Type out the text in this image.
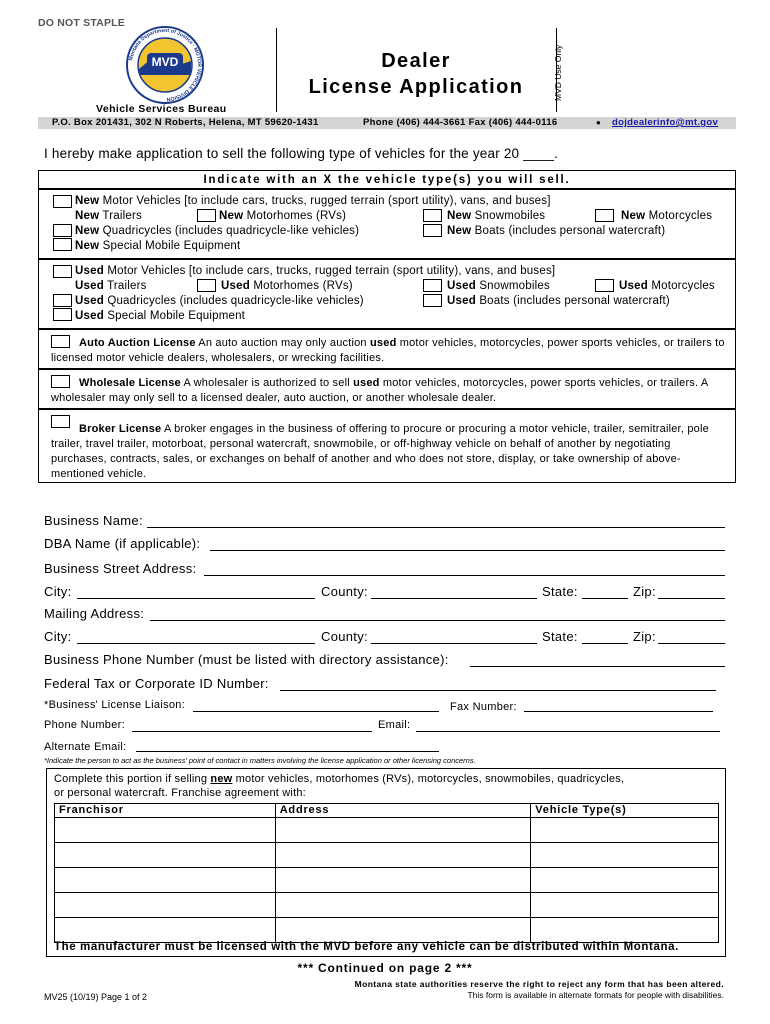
DO NOT STAPLE
MVD
Montana Department of Justice · MOTOR VEHICLE DIVISION
Dealer
License Application	MVD Use Only
Vehicle Services Bureau
P.O. Box 201431, 302 N Roberts, Helena, MT 59620-1431	Phone (406) 444-3661 Fax (406) 444-0116	● dojdealerinfo@mt.gov
I hereby make application to sell the following type of vehicles for the year 20 ____.
Indicate with an X the vehicle type(s) you will sell.
New Motor Vehicles [to include cars, trucks, rugged terrain (sport utility), vans, and buses]
New Trailers	New Motorhomes (RVs)	New Snowmobiles	New Motorcycles
New Quadricycles (includes quadricycle-like vehicles)	New Boats (includes personal watercraft)
New Special Mobile Equipment
Used Motor Vehicles [to include cars, trucks, rugged terrain (sport utility), vans, and buses]
Used Trailers	Used Motorhomes (RVs)	Used Snowmobiles	Used Motorcycles
Used Quadricycles (includes quadricycle-like vehicles)	Used Boats (includes personal watercraft)
Used Special Mobile Equipment
Auto Auction License An auto auction may only auction used motor vehicles, motorcycles, power sports vehicles, or trailers to licensed motor vehicle dealers, wholesalers, or wrecking facilities.
Wholesale License A wholesaler is authorized to sell used motor vehicles, motorcycles, power sports vehicles, or trailers. A wholesaler may only sell to a licensed dealer, auto auction, or another wholesale dealer.
Broker License A broker engages in the business of offering to procure or procuring a motor vehicle, trailer, semitrailer, pole trailer, travel trailer, motorboat, personal watercraft, snowmobile, or off-highway vehicle on behalf of another by negotiating purchases, contracts, sales, or exchanges on behalf of another and who does not store, display, or take ownership of above-mentioned vehicle.
Business Name:
DBA Name (if applicable):
Business Street Address:
City:	County:	State:	Zip:
Mailing Address:
City:	County:	State:	Zip:
Business Phone Number (must be listed with directory assistance):
Federal Tax or Corporate ID Number:
*Business' License Liaison:	Fax Number:
Phone Number:	Email:
Alternate Email:
*Indicate the person to act as the business' point of contact in matters involving the license application or other licensing concerns.
Complete this portion if selling new motor vehicles, motorhomes (RVs), motorcycles, snowmobiles, quadricycles,
or personal watercraft. Franchise agreement with:
Franchisor	Address	Vehicle Type(s)

The manufacturer must be licensed with the MVD before any vehicle can be distributed within Montana.
*** Continued on page 2 ***
MV25 (10/19) Page 1 of 2
Montana state authorities reserve the right to reject any form that has been altered.
This form is available in alternate formats for people with disabilities.
